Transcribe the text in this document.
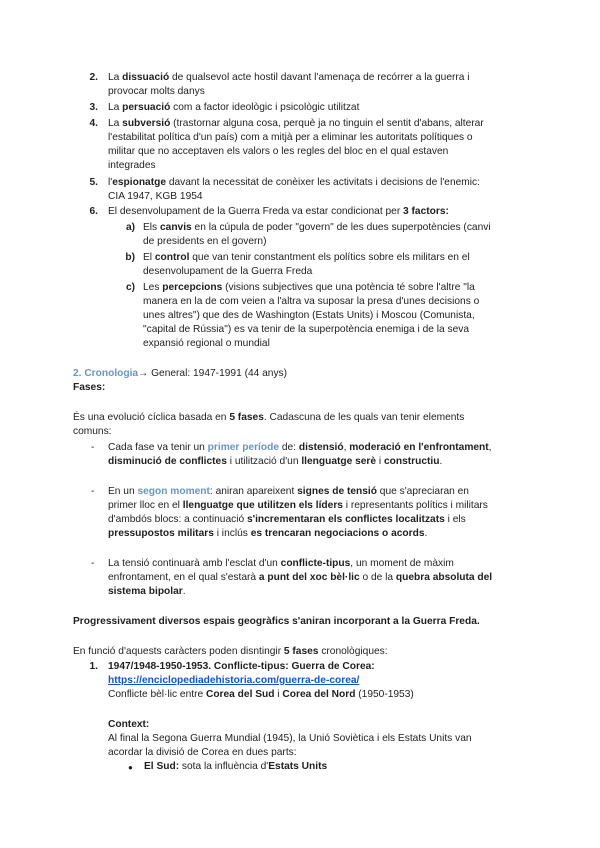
2. La dissuació de qualsevol acte hostil davant l'amenaça de recórrer a la guerra i
provocar molts danys
3. La persuació com a factor ideològic i psicològic utilitzat
4. La subversió (trastornar alguna cosa, perquè ja no tinguin el sentit d'abans, alterar
l'estabilitat política d'un país) com a mitjà per a eliminar les autoritats polítiques o
militar que no acceptaven els valors o les regles del bloc en el qual estaven
integrades
5. l'espionatge davant la necessitat de conèixer les activitats i decisions de l'enemic:
CIA 1947, KGB 1954
6. El desenvolupament de la Guerra Freda va estar condicionat per 3 factors:
a) Els canvis en la cúpula de poder "govern" de les dues superpotències (canvi
de presidents en el govern)
b) El control que van tenir constantment els polítics sobre els militars en el
desenvolupament de la Guerra Freda
c) Les percepcions (visions subjectives que una potència té sobre l'altre "la
manera en la de com veien a l'altra va suposar la presa d'unes decisions o
unes altres") que des de Washington (Estats Units) i Moscou (Comunista,
"capital de Rússia") es va tenir de la superpotència enemiga i de la seva
expansió regional o mundial
2. Cronologia→ General: 1947-1991 (44 anys)
Fases:
És una evolució cíclica basada en 5 fases. Cadascuna de les quals van tenir elements
comuns:
- Cada fase va tenir un primer període de: distensió, moderació en l'enfrontament,
disminució de conflictes i utilització d'un llenguatge serè i constructiu.
- En un segon moment: aniran apareixent signes de tensió que s'apreciaran en
primer lloc en el llenguatge que utilitzen els líders i representants polítics i militars
d'ambdós blocs: a continuació s'incrementaran els conflictes localitzats i els
pressupostos militars i inclús es trencaran negociacions o acords.
- La tensió continuarà amb l'esclat d'un conflicte-tipus, un moment de màxim
enfrontament, en el qual s'estarà a punt del xoc bèl·lic o de la quebra absoluta del
sistema bipolar.
Progressivament diversos espais geogràfics s'aniran incorporant a la Guerra Freda.
En funció d'aquests caràcters poden disntingir 5 fases cronològiques:
1. 1947/1948-1950-1953. Conflicte-tipus: Guerra de Corea:
https://enciclopediadehistoria.com/guerra-de-corea/
Conflicte bèl·lic entre Corea del Sud i Corea del Nord (1950-1953)
Context:
Al final la Segona Guerra Mundial (1945), la Unió Soviètica i els Estats Units van
acordar la divisió de Corea en dues parts:
● El Sud: sota la influència d'Estats Units
